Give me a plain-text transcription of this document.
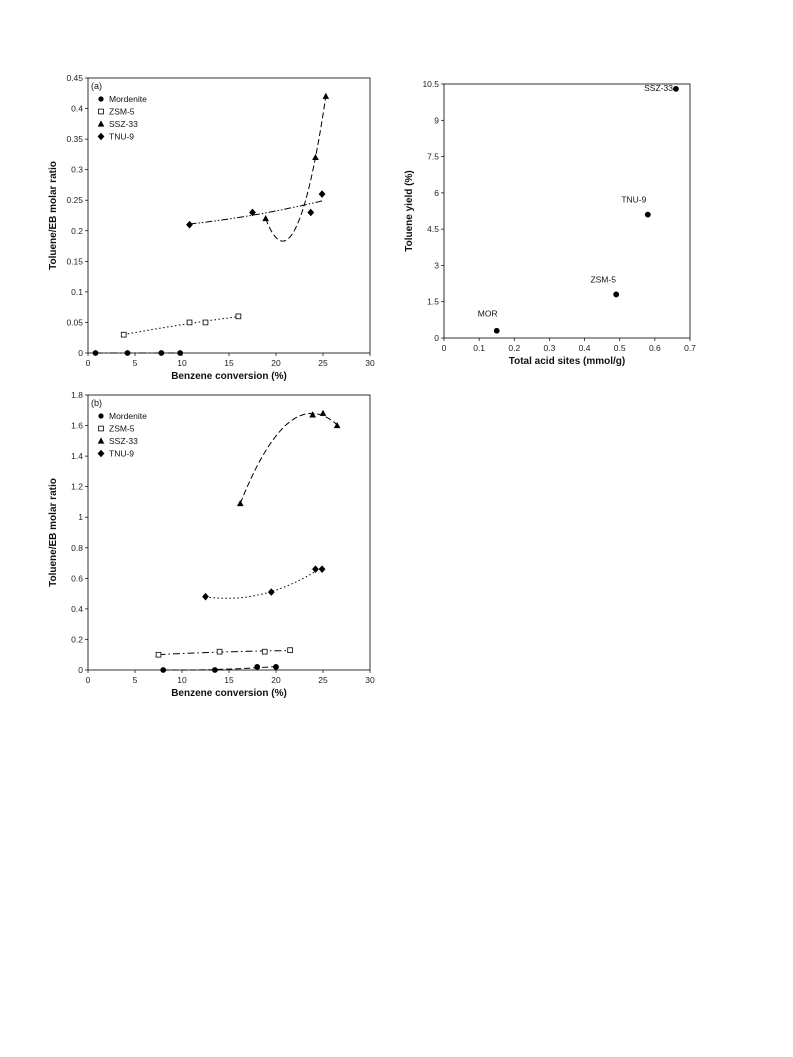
0	5	10	15	20	25	30
0
0.05
0.1
0.15
0.2
0.25
0.3
0.35
0.4
0.45
Benzene conversion (%)
Toluene/EB molar ratio
(a)
Mordenite
ZSM-5
SSZ-33
TNU-9
0	0.1	0.2	0.3	0.4	0.5	0.6	0.7
0
1.5
3
4.5
6
7.5
9
10.5
Total acid sites (mmol/g)
Toluene yield (%)
MOR
ZSM-5
TNU-9
SSZ-33
0	5	10	15	20	25	30
0
0.2
0.4
0.6
0.8
1
1.2
1.4
1.6
1.8
Benzene conversion (%)
Toluene/EB molar ratio
(b)
Mordenite
ZSM-5
SSZ-33
TNU-9
